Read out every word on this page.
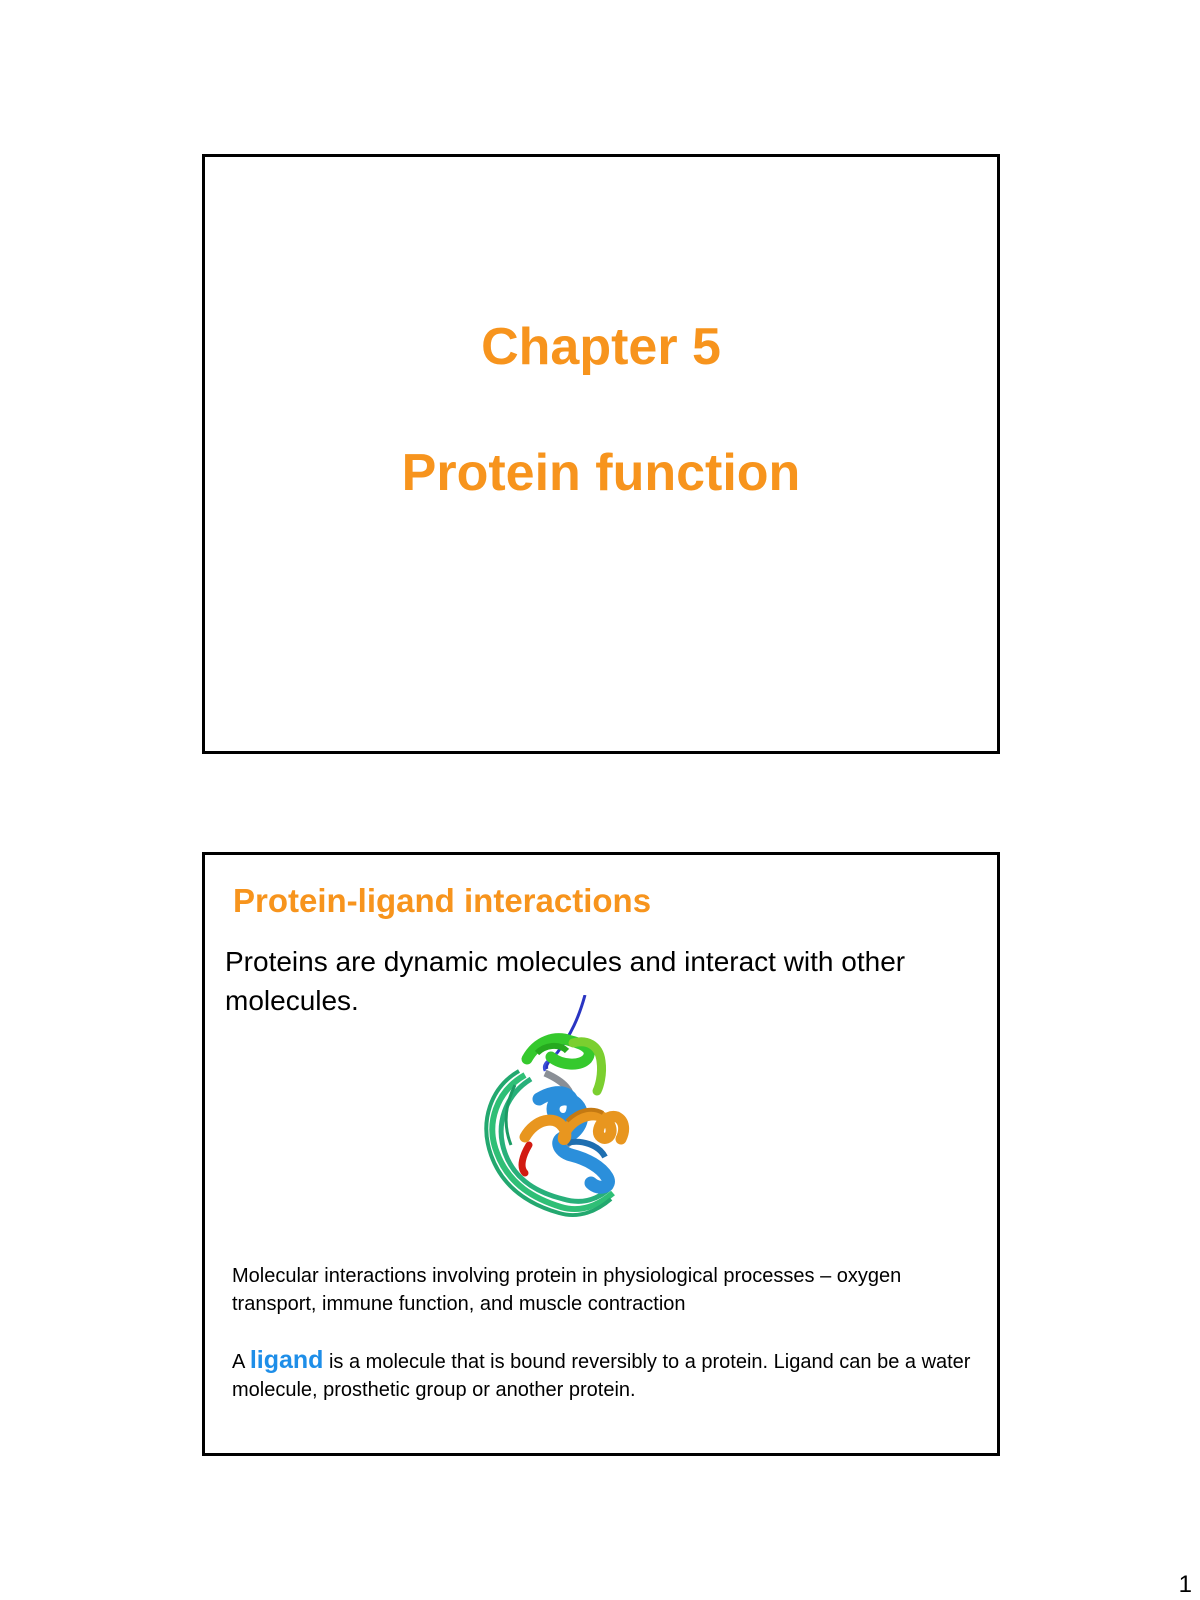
Chapter 5
Protein function
Protein-ligand interactions
Proteins are dynamic molecules and interact with other molecules.
Molecular interactions involving protein in physiological processes – oxygen transport, immune function, and muscle contraction
A ligand is a molecule that is bound reversibly to a protein. Ligand can be a water molecule, prosthetic group or another protein.
1
